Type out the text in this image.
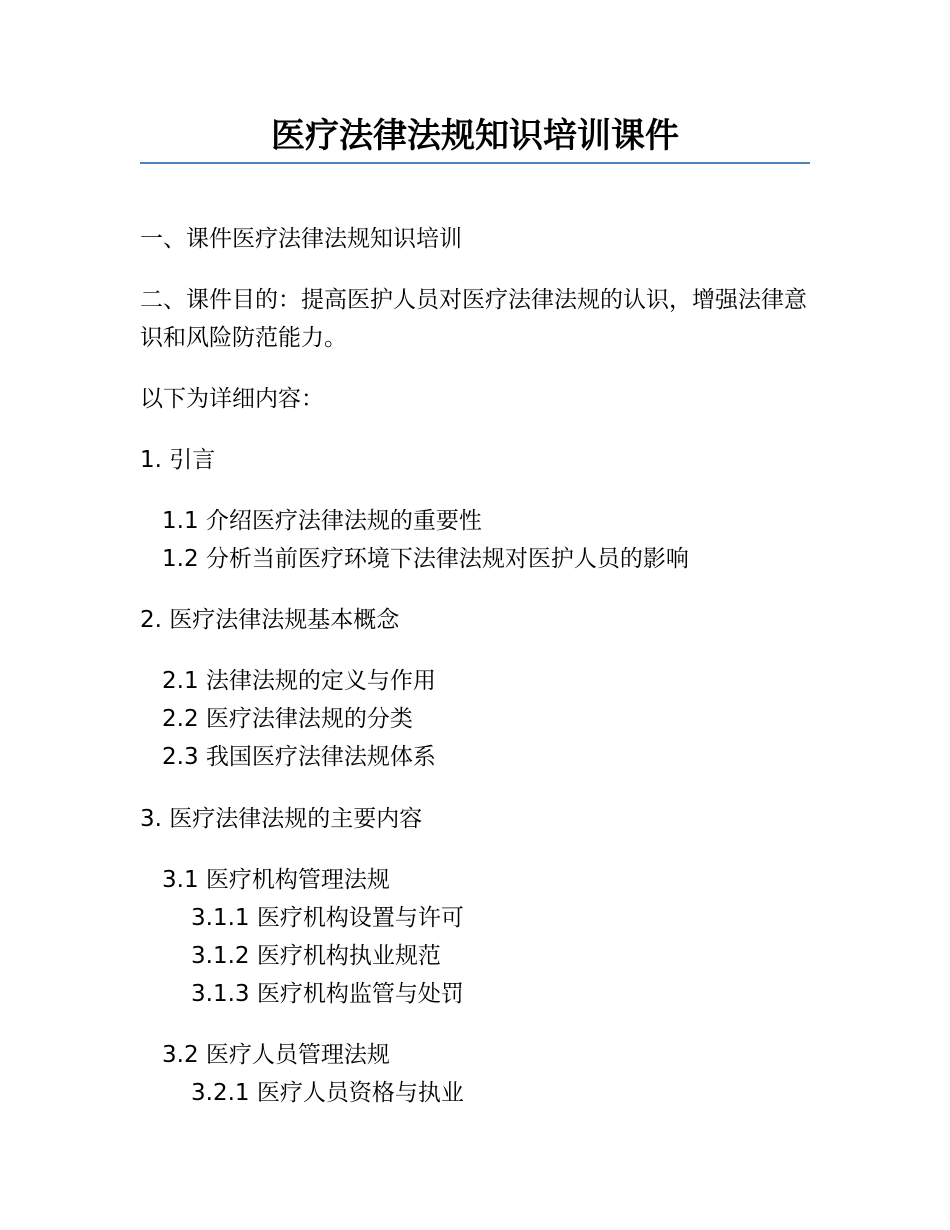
医疗法律法规知识培训课件
一、课件医疗法律法规知识培训
二、课件目的：提高医护人员对医疗法律法规的认识，增强法律意识和风险防范能力。
以下为详细内容：
1. 引言
1.1 介绍医疗法律法规的重要性
1.2 分析当前医疗环境下法律法规对医护人员的影响
2. 医疗法律法规基本概念
2.1 法律法规的定义与作用
2.2 医疗法律法规的分类
2.3 我国医疗法律法规体系
3. 医疗法律法规的主要内容
3.1 医疗机构管理法规
3.1.1 医疗机构设置与许可
3.1.2 医疗机构执业规范
3.1.3 医疗机构监管与处罚
3.2 医疗人员管理法规
3.2.1 医疗人员资格与执业
